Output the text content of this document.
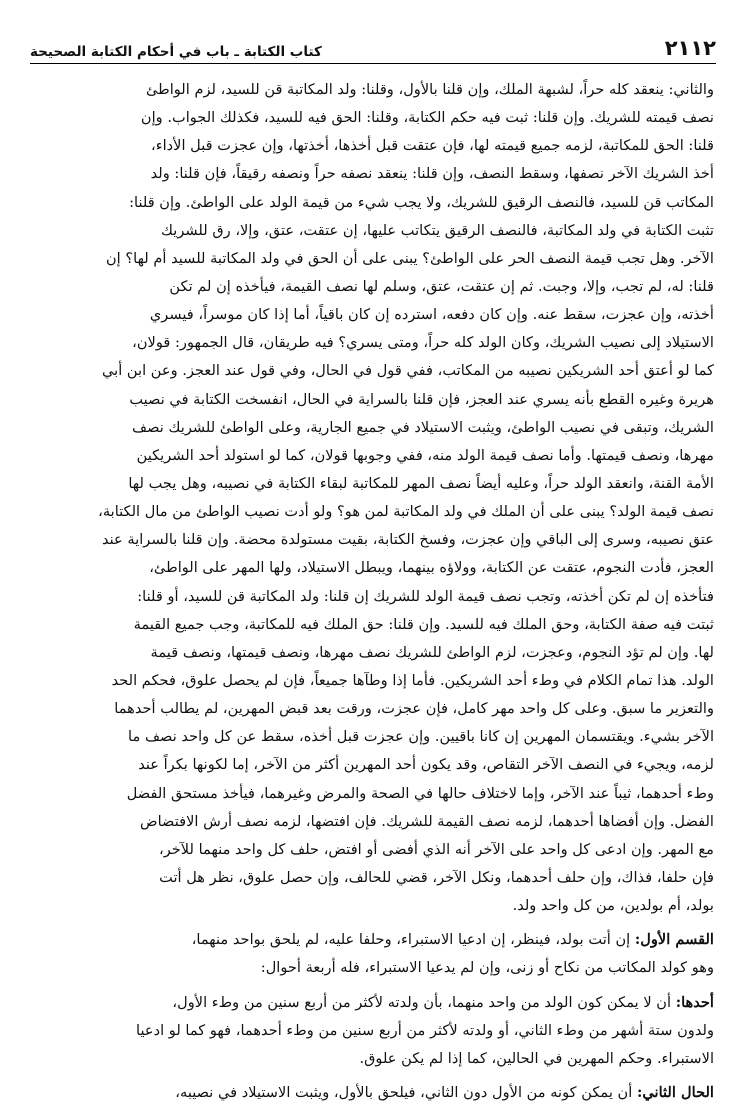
٢١١٢
كتاب الكتابة ـ باب في أحكام الكتابة الصحيحة
والثاني: ينعقد كله حراً، لشبهة الملك، وإن قلنا بالأول، وقلنا: ولد المكاتبة قن للسيد، لزم الواطئ
نصف قيمته للشريك. وإن قلنا: ثبت فيه حكم الكتابة، وقلنا: الحق فيه للسيد، فكذلك الجواب. وإن
قلنا: الحق للمكاتبة، لزمه جميع قيمته لها، فإن عتقت قبل أخذها، أخذتها، وإن عجزت قبل الأداء،
أخذ الشريك الآخر نصفها، وسقط النصف، وإن قلنا: ينعقد نصفه حراً ونصفه رقيقاً، فإن قلنا: ولد
المكاتب قن للسيد، فالنصف الرقيق للشريك، ولا يجب شيء من قيمة الولد على الواطئ. وإن قلنا:
تثبت الكتابة في ولد المكاتبة، فالنصف الرقيق يتكاتب عليها، إن عتقت، عتق، وإلا، رق للشريك
الآخر. وهل تجب قيمة النصف الحر على الواطئ؟ يبنى على أن الحق في ولد المكاتبة للسيد أم لها؟ إن
قلنا: له، لم تجب، وإلا، وجبت. ثم إن عتقت، عتق، وسلم لها نصف القيمة، فيأخذه إن لم تكن
أخذته، وإن عجزت، سقط عنه. وإن كان دفعه، استرده إن كان باقياً، أما إذا كان موسراً، فيسري
الاستيلاد إلى نصيب الشريك، وكان الولد كله حراً، ومتى يسري؟ فيه طريقان، قال الجمهور: قولان،
كما لو أعتق أحد الشريكين نصيبه من المكاتب، ففي قول في الحال، وفي قول عند العجز. وعن ابن أبي
هريرة وغيره القطع بأنه يسري عند العجز، فإن قلنا بالسراية في الحال، انفسخت الكتابة في نصيب
الشريك، وتبقى في نصيب الواطئ، ويثبت الاستيلاد في جميع الجارية، وعلى الواطئ للشريك نصف
مهرها، ونصف قيمتها. وأما نصف قيمة الولد منه، ففي وجوبها قولان، كما لو استولد أحد الشريكين
الأمة القنة، وانعقد الولد حراً، وعليه أيضاً نصف المهر للمكاتبة لبقاء الكتابة في نصيبه، وهل يجب لها
نصف قيمة الولد؟ يبنى على أن الملك في ولد المكاتبة لمن هو؟ ولو أدت نصيب الواطئ من مال الكتابة،
عتق نصيبه، وسرى إلى الباقي وإن عجزت، وفسخ الكتابة، بقيت مستولدة محضة. وإن قلنا بالسراية عند
العجز، فأدت النجوم، عتقت عن الكتابة، وولاؤه بينهما، ويبطل الاستيلاد، ولها المهر على الواطئ،
فتأخذه إن لم تكن أخذته، وتجب نصف قيمة الولد للشريك إن قلنا: ولد المكاتبة قن للسيد، أو قلنا:
ثبتت فيه صفة الكتابة، وحق الملك فيه للسيد. وإن قلنا: حق الملك فيه للمكاتبة، وجب جميع القيمة
لها. وإن لم تؤد النجوم، وعجزت، لزم الواطئ للشريك نصف مهرها، ونصف قيمتها، ونصف قيمة
الولد. هذا تمام الكلام في وطء أحد الشريكين. فأما إذا وطآها جميعاً، فإن لم يحصل علوق، فحكم الحد
والتعزير ما سبق. وعلى كل واحد مهر كامل، فإن عجزت، ورقت بعد قبض المهرين، لم يطالب أحدهما
الآخر بشيء. ويقتسمان المهرين إن كانا باقيين. وإن عجزت قبل أخذه، سقط عن كل واحد نصف ما
لزمه، ويجيء في النصف الآخر التقاص، وقد يكون أحد المهرين أكثر من الآخر، إما لكونها بكراً عند
وطء أحدهما، ثيباً عند الآخر، وإما لاختلاف حالها في الصحة والمرض وغيرهما، فيأخذ مستحق الفضل
الفضل. وإن أفضاها أحدهما، لزمه نصف القيمة للشريك. فإن افتضها، لزمه نصف أرش الافتضاض
مع المهر. وإن ادعى كل واحد على الآخر أنه الذي أفضى أو افتض، حلف كل واحد منهما للآخر،
فإن حلفا، فذاك، وإن حلف أحدهما، ونكل الآخر، قضي للحالف، وإن حصل علوق، نظر هل أتت
بولد، أم بولدين، من كل واحد ولد.
القسم الأول: إن أتت بولد، فينظر، إن ادعيا الاستبراء، وحلفا عليه، لم يلحق بواحد منهما،
وهو كولد المكاتب من نكاح أو زنى، وإن لم يدعيا الاستبراء، فله أربعة أحوال:
أحدها: أن لا يمكن كون الولد من واحد منهما، بأن ولدته لأكثر من أربع سنين من وطء الأول،
ولدون ستة أشهر من وطء الثاني، أو ولدته لأكثر من أربع سنين من وطء أحدهما، فهو كما لو ادعيا
الاستبراء. وحكم المهرين في الحالين، كما إذا لم يكن علوق.
الحال الثاني: أن يمكن كونه من الأول دون الثاني، فيلحق بالأول، ويثبت الاستيلاد في نصيبه،
